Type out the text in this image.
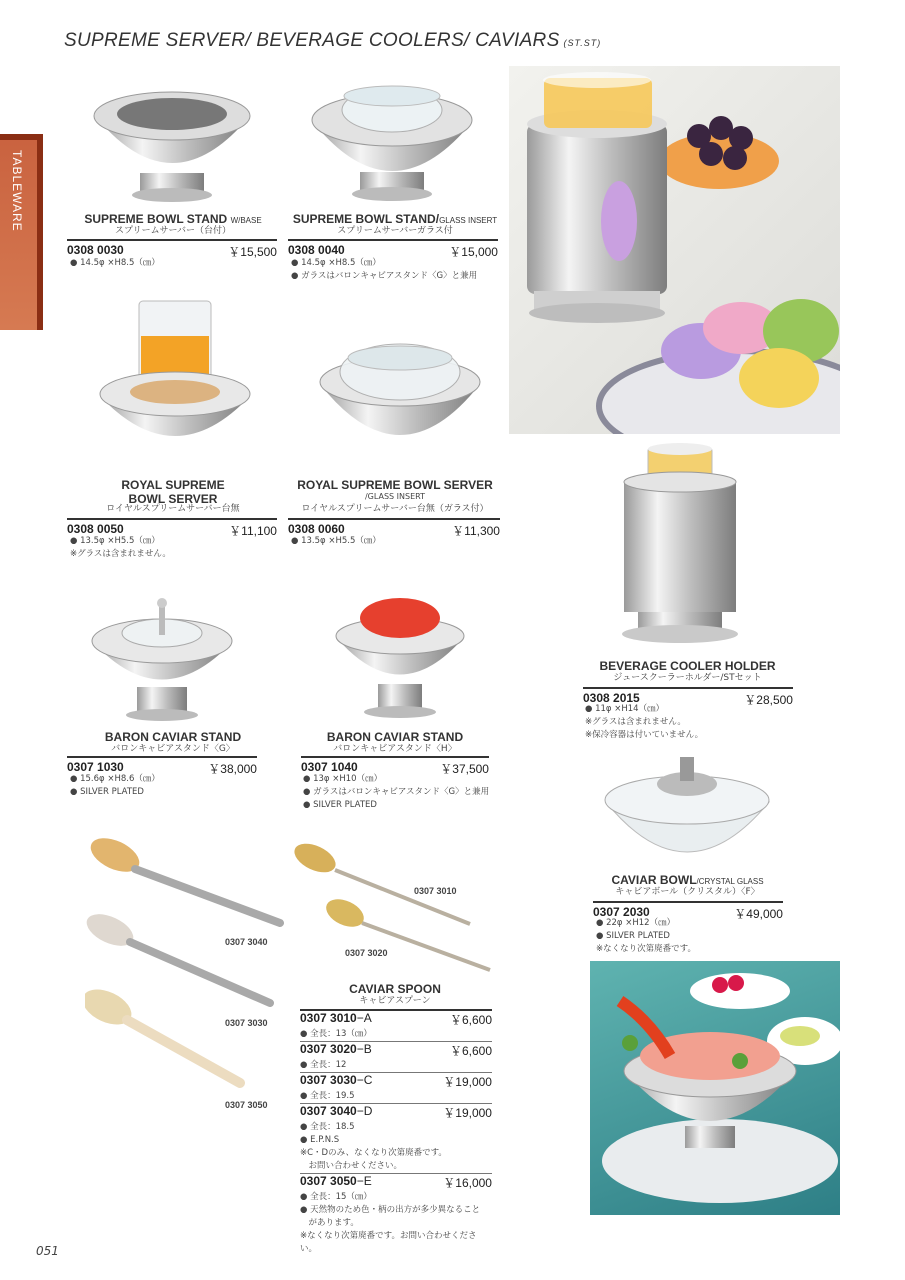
SUPREME SERVER/ BEVERAGE COOLERS/ CAVIARS (ST.ST)
TABLEWARE	SUPREME BOWL STAND W/BASE
スプリームサーバー（台付）
0308 0030	￥15,500
● 14.5φ ×H8.5（㎝）
SUPREME BOWL STAND/GLASS INSERT
スプリームサーバーガラス付
0308 0040	￥15,000
● 14.5φ ×H8.5（㎝）
● ガラスはバロンキャビアスタンド〈G〉と兼用
ROYAL SUPREME
BOWL SERVER
ロイヤルスプリームサーバー台無
0308 0050	￥11,100
● 13.5φ ×H5.5（㎝）
※グラスは含まれません。
ROYAL SUPREME BOWL SERVER
/GLASS INSERT
ロイヤルスプリームサーバー台無（ガラス付）
0308 0060	￥11,300
● 13.5φ ×H5.5（㎝）
BEVERAGE COOLER HOLDER
ジュースクーラーホルダー/STセット
0308 2015	￥28,500
● 11φ ×H14（㎝）
※グラスは含まれません。
※保冷容器は付いていません。
BARON CAVIAR STAND
バロンキャビアスタンド〈G〉
0307 1030	￥38,000
● 15.6φ ×H8.6（㎝）
● SILVER PLATED
BARON CAVIAR STAND
バロンキャビアスタンド〈H〉
0307 1040	￥37,500
● 13φ ×H10（㎝）
● ガラスはバロンキャビアスタンド〈G〉と兼用
● SILVER PLATED
CAVIAR BOWL/CRYSTAL GLASS
キャビアボール（クリスタル）〈F〉
0307 2030	￥49,000
● 22φ ×H12（㎝）
● SILVER PLATED
※なくなり次第廃番です。
0307 3010
0307 3020
0307 3040
0307 3030
0307 3050
CAVIAR SPOON
キャビアスプーン
0307 3010−A	￥6,600
● 全長：13（㎝）
0307 3020−B	￥6,600
● 全長：12
0307 3030−C	￥19,000
● 全長：19.5
0307 3040−D	￥19,000
● 全長：18.5
● E.P.N.S
※C・Dのみ、なくなり次第廃番です。
　お問い合わせください。
0307 3050−E	￥16,000
● 全長：15（㎝）
● 天然物のため色・柄の出方が多少異なること
　があります。
※なくなり次第廃番です。お問い合わせください。
051
